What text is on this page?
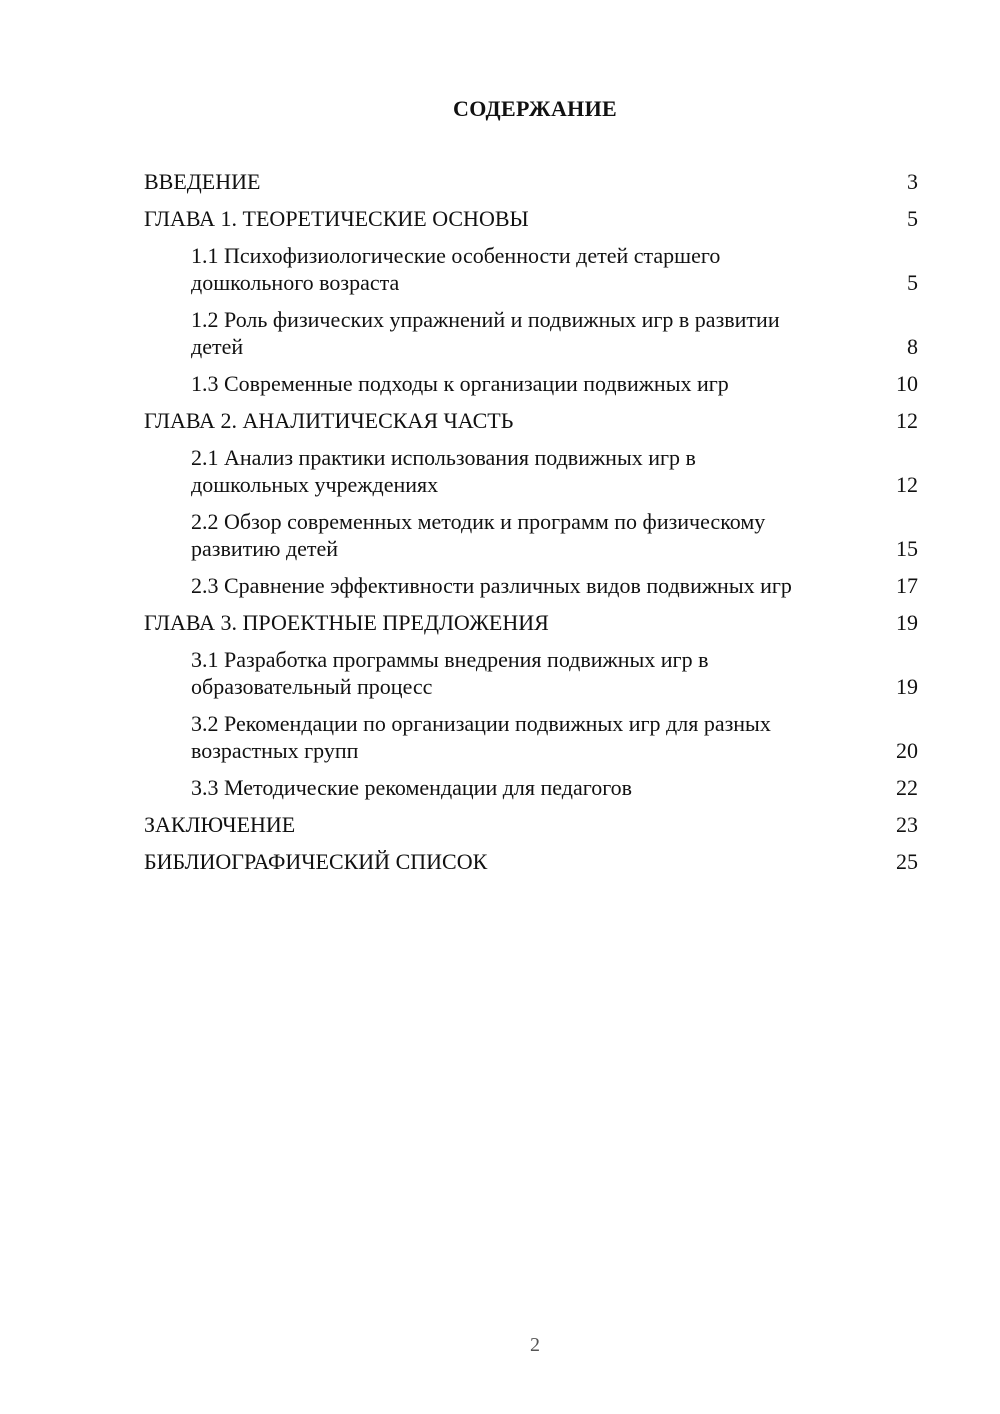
СОДЕРЖАНИЕ
ВВЕДЕНИЕ	3
ГЛАВА 1. ТЕОРЕТИЧЕСКИЕ ОСНОВЫ	5
1.1 Психофизиологические особенности детей старшего дошкольного возраста	5
1.2 Роль физических упражнений и подвижных игр в развитии детей	8
1.3 Современные подходы к организации подвижных игр	10
ГЛАВА 2. АНАЛИТИЧЕСКАЯ ЧАСТЬ	12
2.1 Анализ практики использования подвижных игр в дошкольных учреждениях	12
2.2 Обзор современных методик и программ по физическому развитию детей	15
2.3 Сравнение эффективности различных видов подвижных игр	17
ГЛАВА 3. ПРОЕКТНЫЕ ПРЕДЛОЖЕНИЯ	19
3.1 Разработка программы внедрения подвижных игр в образовательный процесс	19
3.2 Рекомендации по организации подвижных игр для разных возрастных групп	20
3.3 Методические рекомендации для педагогов	22
ЗАКЛЮЧЕНИЕ	23
БИБЛИОГРАФИЧЕСКИЙ СПИСОК	25
2
